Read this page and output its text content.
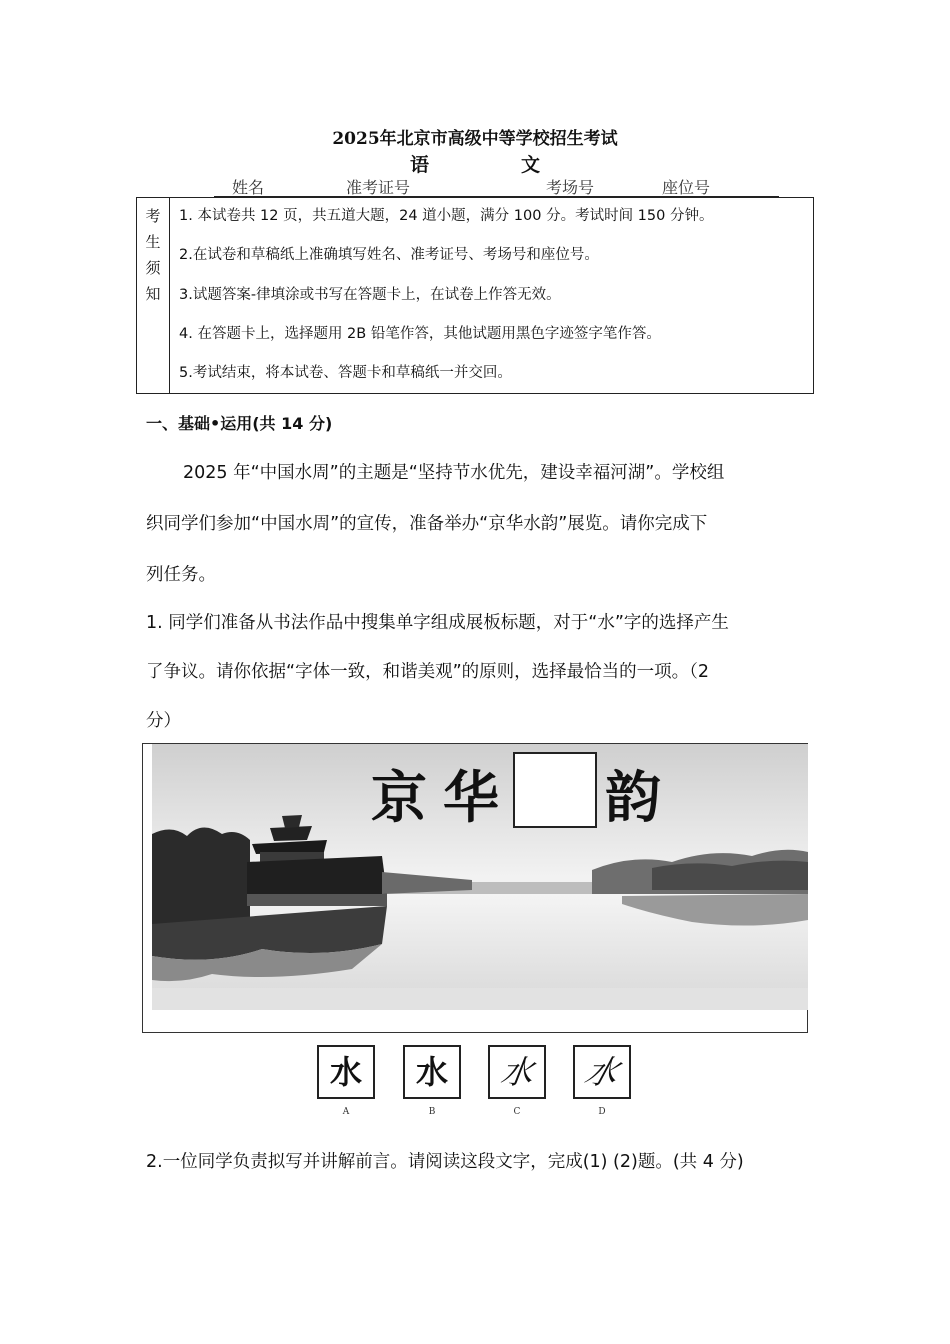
2025年北京市高级中等学校招生考试
语	文
姓名	准考证号	考场号	座位号
考
生
须
知
1. 本试卷共 12 页，共五道大题，24 道小题，满分 100 分。考试时间 150 分钟。
2.在试卷和草稿纸上准确填写姓名、准考证号、考场号和座位号。
3.试题答案-律填涂或书写在答题卡上，在试卷上作答无效。
4. 在答题卡上，选择题用 2B 铅笔作答，其他试题用黑色字迹签字笔作答。
5.考试结束，将本试卷、答题卡和草稿纸一并交回。
一、基础•运用(共 14 分)
2025 年“中国水周”的主题是“坚持节水优先，建设幸福河湖”。学校组
织同学们参加“中国水周”的宣传，准备举办“京华水韵”展览。请你完成下
列任务。
1. 同学们准备从书法作品中搜集单字组成展板标题，对于“水”字的选择产生
了争议。请你依据“字体一致，和谐美观”的原则，选择最恰当的一项。（2
分）
京 华 韵
水	水	水	水
A	B	C	D
2.一位同学负责拟写并讲解前言。请阅读这段文字，完成(1) (2)题。(共 4 分)
